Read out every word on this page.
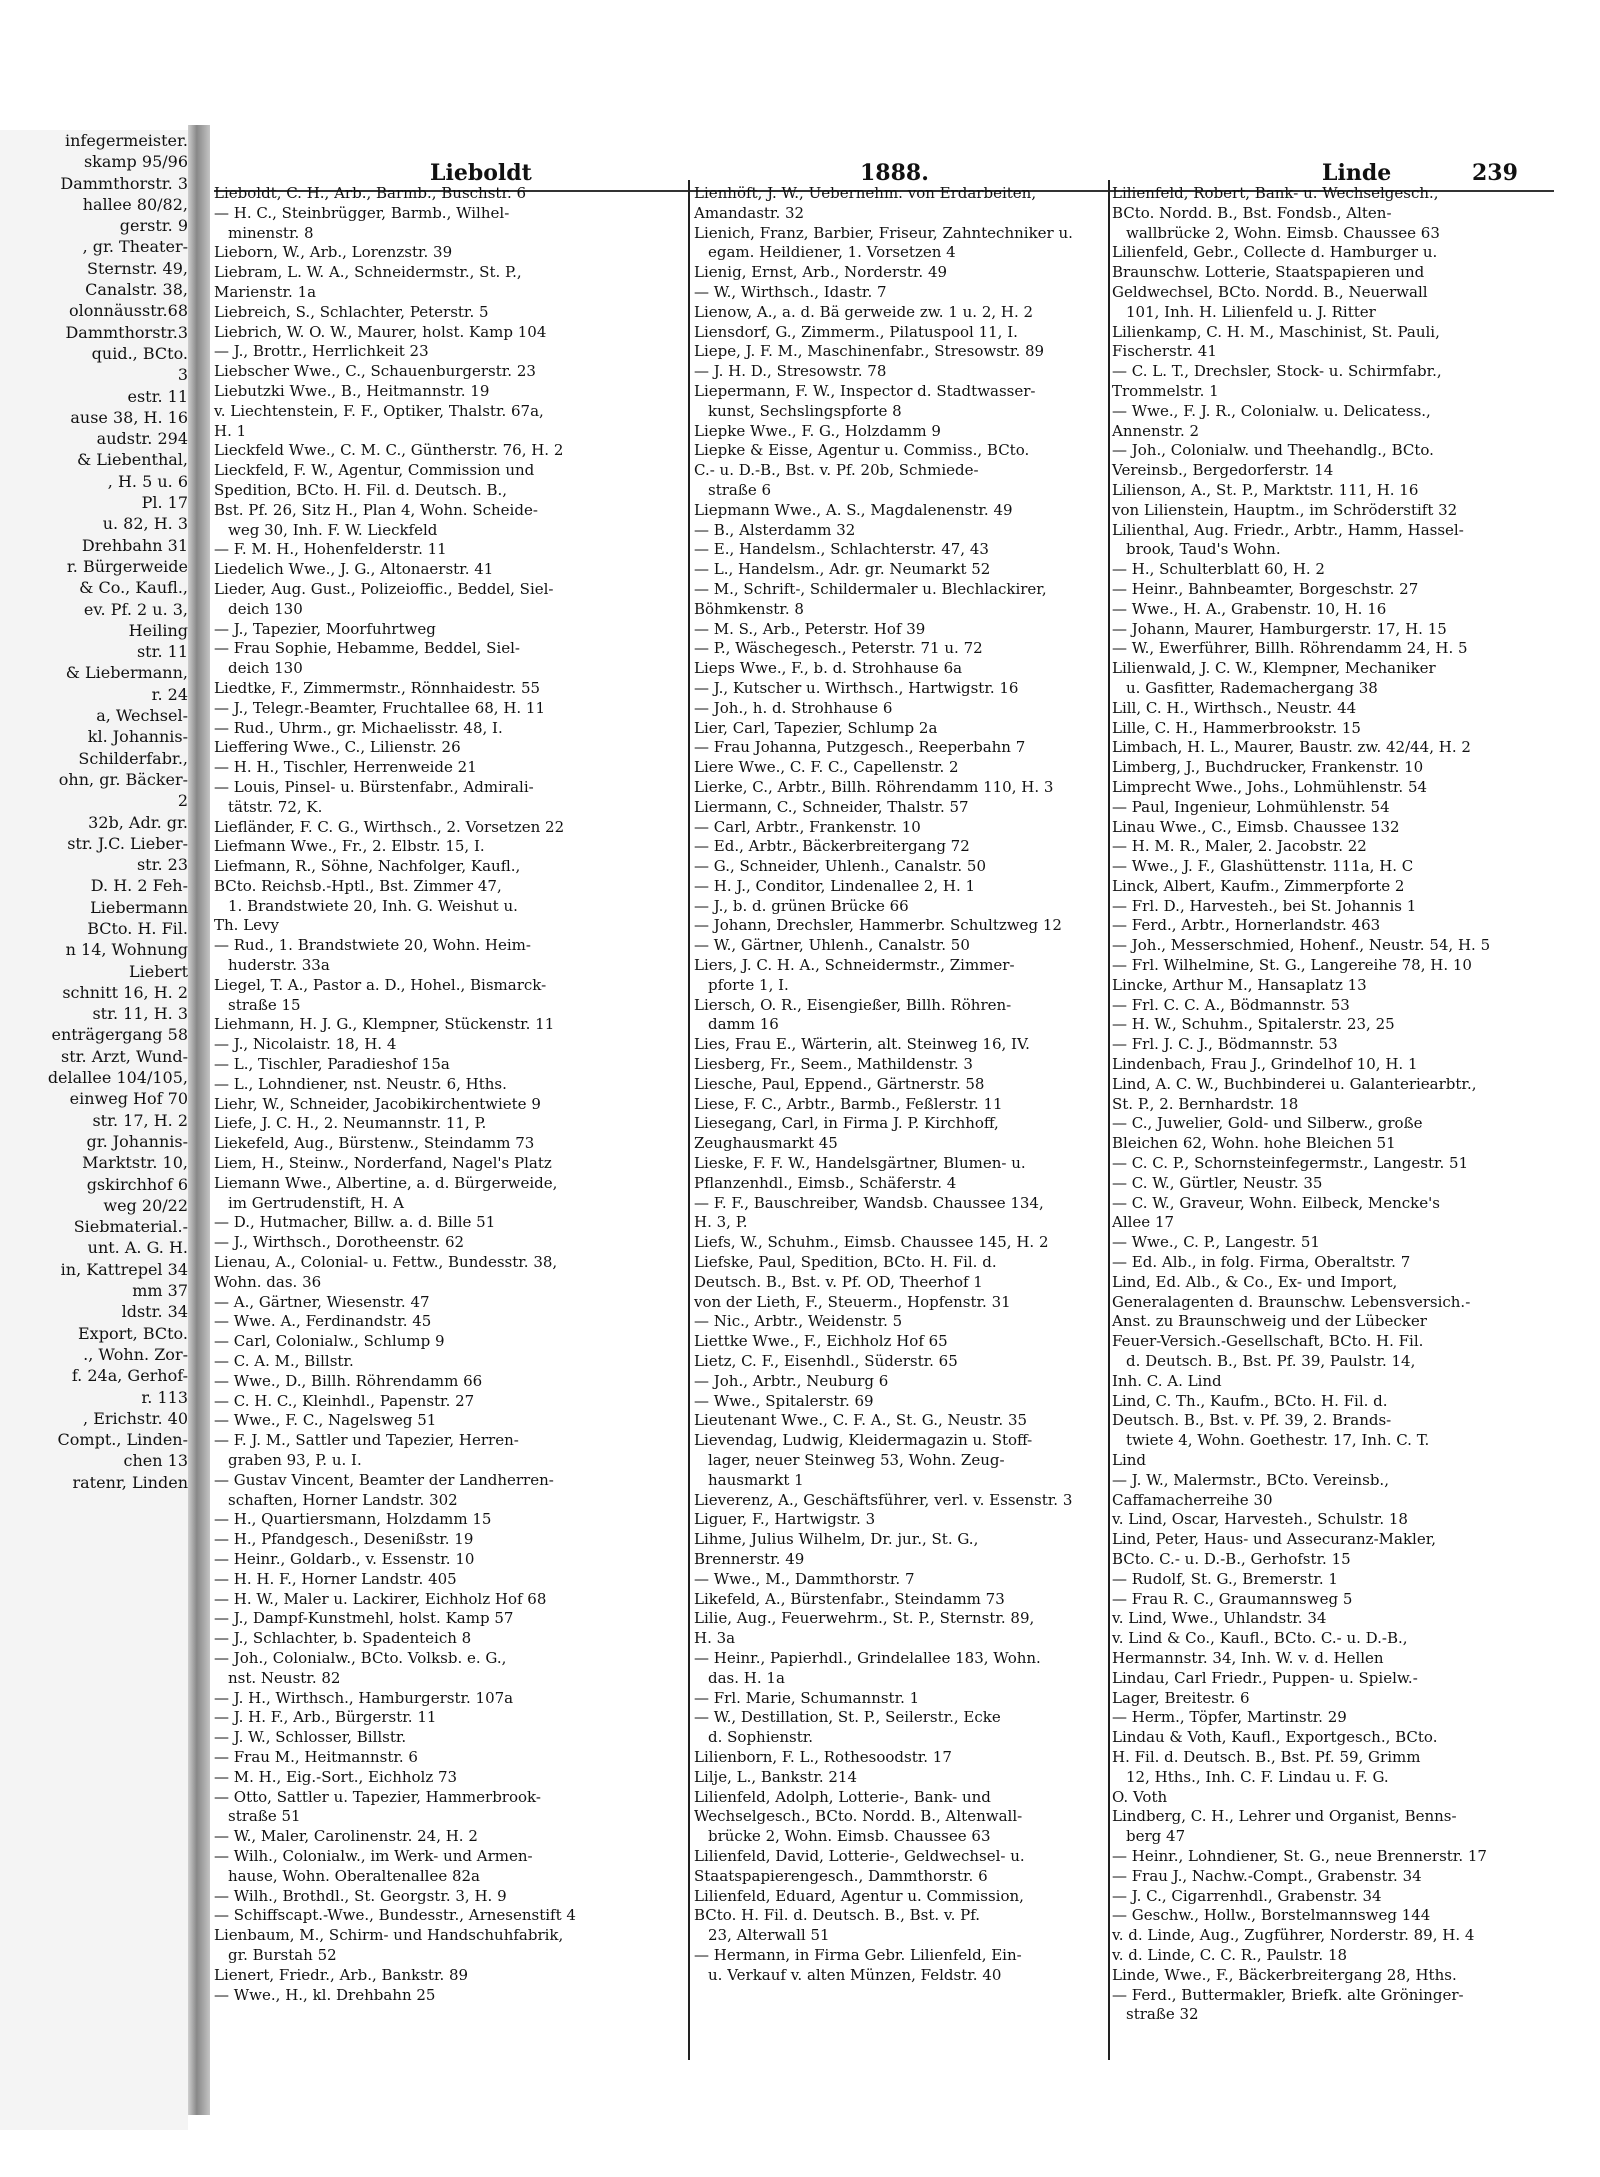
infegermeister.
skamp 95/96
Dammthorstr. 3
hallee 80/82,
gerstr. 9
, gr. Theater-
Sternstr. 49,
Canalstr. 38,
olonnäusstr.68
Dammthorstr.3
quid., BCto.
3
estr. 11
ause 38, H. 16
audstr. 294
& Liebenthal,
, H. 5 u. 6
Pl. 17
u. 82, H. 3
Drehbahn 31
r. Bürgerweide
& Co., Kaufl.,
ev. Pf. 2 u. 3,
Heiling
str. 11
& Liebermann,
r. 24
a, Wechsel-
kl. Johannis-
Schilderfabr.,
ohn, gr. Bäcker-
2
32b, Adr. gr.
str. J.C. Lieber-
str. 23
D. H. 2 Feh-
Liebermann
BCto. H. Fil.
n 14, Wohnung
Liebert
schnitt 16, H. 2
str. 11, H. 3
enträgergang 58
str. Arzt, Wund-
delallee 104/105,
einweg Hof 70
str. 17, H. 2
gr. Johannis-
Marktstr. 10,
gskirchhof 6
weg 20/22
Siebmaterial.-
unt. A. G. H.
in, Kattrepel 34
mm 37
ldstr. 34
Export, BCto.
., Wohn. Zor-
f. 24a, Gerhof-
r. 113
, Erichstr. 40
Compt., Linden-
chen 13
ratenr, Linden
Lieboldt	1888.	Linde	239
Lieboldt, C. H., Arb., Barmb., Buschstr. 6
— H. C., Steinbrügger, Barmb., Wilhel-
minenstr. 8
Lieborn, W., Arb., Lorenzstr. 39
Liebram, L. W. A., Schneidermstr., St. P.,
Marienstr. 1a
Liebreich, S., Schlachter, Peterstr. 5
Liebrich, W. O. W., Maurer, holst. Kamp 104
— J., Brottr., Herrlichkeit 23
Liebscher Wwe., C., Schauenburgerstr. 23
Liebutzki Wwe., B., Heitmannstr. 19
v. Liechtenstein, F. F., Optiker, Thalstr. 67a,
H. 1
Lieckfeld Wwe., C. M. C., Güntherstr. 76, H. 2
Lieckfeld, F. W., Agentur, Commission und
Spedition, BCto. H. Fil. d. Deutsch. B.,
Bst. Pf. 26, Sitz H., Plan 4, Wohn. Scheide-
weg 30, Inh. F. W. Lieckfeld
— F. M. H., Hohenfelderstr. 11
Liedelich Wwe., J. G., Altonaerstr. 41
Lieder, Aug. Gust., Polizeioffic., Beddel, Siel-
deich 130
— J., Tapezier, Moorfuhrtweg
— Frau Sophie, Hebamme, Beddel, Siel-
deich 130
Liedtke, F., Zimmermstr., Rönnhaidestr. 55
— J., Telegr.-Beamter, Fruchtallee 68, H. 11
— Rud., Uhrm., gr. Michaelisstr. 48, I.
Lieffering Wwe., C., Lilienstr. 26
— H. H., Tischler, Herrenweide 21
— Louis, Pinsel- u. Bürstenfabr., Admirali-
tätstr. 72, K.
Liefländer, F. C. G., Wirthsch., 2. Vorsetzen 22
Liefmann Wwe., Fr., 2. Elbstr. 15, I.
Liefmann, R., Söhne, Nachfolger, Kaufl.,
BCto. Reichsb.-Hptl., Bst. Zimmer 47,
1. Brandstwiete 20, Inh. G. Weishut u.
Th. Levy
— Rud., 1. Brandstwiete 20, Wohn. Heim-
huderstr. 33a
Liegel, T. A., Pastor a. D., Hohel., Bismarck-
straße 15
Liehmann, H. J. G., Klempner, Stückenstr. 11
— J., Nicolaistr. 18, H. 4
— L., Tischler, Paradieshof 15a
— L., Lohndiener, nst. Neustr. 6, Hths.
Liehr, W., Schneider, Jacobikirchentwiete 9
Liefe, J. C. H., 2. Neumannstr. 11, P.
Liekefeld, Aug., Bürstenw., Steindamm 73
Liem, H., Steinw., Norderfand, Nagel's Platz
Liemann Wwe., Albertine, a. d. Bürgerweide,
im Gertrudenstift, H. A
— D., Hutmacher, Billw. a. d. Bille 51
— J., Wirthsch., Dorotheenstr. 62
Lienau, A., Colonial- u. Fettw., Bundesstr. 38,
Wohn. das. 36
— A., Gärtner, Wiesenstr. 47
— Wwe. A., Ferdinandstr. 45
— Carl, Colonialw., Schlump 9
— C. A. M., Billstr.
— Wwe., D., Billh. Röhrendamm 66
— C. H. C., Kleinhdl., Papenstr. 27
— Wwe., F. C., Nagelsweg 51
— F. J. M., Sattler und Tapezier, Herren-
graben 93, P. u. I.
— Gustav Vincent, Beamter der Landherren-
schaften, Horner Landstr. 302
— H., Quartiersmann, Holzdamm 15
— H., Pfandgesch., Desenißstr. 19
— Heinr., Goldarb., v. Essenstr. 10
— H. H. F., Horner Landstr. 405
— H. W., Maler u. Lackirer, Eichholz Hof 68
— J., Dampf-Kunstmehl, holst. Kamp 57
— J., Schlachter, b. Spadenteich 8
— Joh., Colonialw., BCto. Volksb. e. G.,
nst. Neustr. 82
— J. H., Wirthsch., Hamburgerstr. 107a
— J. H. F., Arb., Bürgerstr. 11
— J. W., Schlosser, Billstr.
— Frau M., Heitmannstr. 6
— M. H., Eig.-Sort., Eichholz 73
— Otto, Sattler u. Tapezier, Hammerbrook-
straße 51
— W., Maler, Carolinenstr. 24, H. 2
— Wilh., Colonialw., im Werk- und Armen-
hause, Wohn. Oberaltenallee 82a
— Wilh., Brothdl., St. Georgstr. 3, H. 9
— Schiffscapt.-Wwe., Bundesstr., Arnesenstift 4
Lienbaum, M., Schirm- und Handschuhfabrik,
gr. Burstah 52
Lienert, Friedr., Arb., Bankstr. 89
— Wwe., H., kl. Drehbahn 25
Lienhöft, J. W., Uebernehm. von Erdarbeiten,
Amandastr. 32
Lienich, Franz, Barbier, Friseur, Zahntechniker u.
egam. Heildiener, 1. Vorsetzen 4
Lienig, Ernst, Arb., Norderstr. 49
— W., Wirthsch., Idastr. 7
Lienow, A., a. d. Bä gerweide zw. 1 u. 2, H. 2
Liensdorf, G., Zimmerm., Pilatuspool 11, I.
Liepe, J. F. M., Maschinenfabr., Stresowstr. 89
— J. H. D., Stresowstr. 78
Liepermann, F. W., Inspector d. Stadtwasser-
kunst, Sechslingspforte 8
Liepke Wwe., F. G., Holzdamm 9
Liepke & Eisse, Agentur u. Commiss., BCto.
C.- u. D.-B., Bst. v. Pf. 20b, Schmiede-
straße 6
Liepmann Wwe., A. S., Magdalenenstr. 49
— B., Alsterdamm 32
— E., Handelsm., Schlachterstr. 47, 43
— L., Handelsm., Adr. gr. Neumarkt 52
— M., Schrift-, Schildermaler u. Blechlackirer,
Böhmkenstr. 8
— M. S., Arb., Peterstr. Hof 39
— P., Wäschegesch., Peterstr. 71 u. 72
Lieps Wwe., F., b. d. Strohhause 6a
— J., Kutscher u. Wirthsch., Hartwigstr. 16
— Joh., h. d. Strohhause 6
Lier, Carl, Tapezier, Schlump 2a
— Frau Johanna, Putzgesch., Reeperbahn 7
Liere Wwe., C. F. C., Capellenstr. 2
Lierke, C., Arbtr., Billh. Röhrendamm 110, H. 3
Liermann, C., Schneider, Thalstr. 57
— Carl, Arbtr., Frankenstr. 10
— Ed., Arbtr., Bäckerbreitergang 72
— G., Schneider, Uhlenh., Canalstr. 50
— H. J., Conditor, Lindenallee 2, H. 1
— J., b. d. grünen Brücke 66
— Johann, Drechsler, Hammerbr. Schultzweg 12
— W., Gärtner, Uhlenh., Canalstr. 50
Liers, J. C. H. A., Schneidermstr., Zimmer-
pforte 1, I.
Liersch, O. R., Eisengießer, Billh. Röhren-
damm 16
Lies, Frau E., Wärterin, alt. Steinweg 16, IV.
Liesberg, Fr., Seem., Mathildenstr. 3
Liesche, Paul, Eppend., Gärtnerstr. 58
Liese, F. C., Arbtr., Barmb., Feßlerstr. 11
Liesegang, Carl, in Firma J. P. Kirchhoff,
Zeughausmarkt 45
Lieske, F. F. W., Handelsgärtner, Blumen- u.
Pflanzenhdl., Eimsb., Schäferstr. 4
— F. F., Bauschreiber, Wandsb. Chaussee 134,
H. 3, P.
Liefs, W., Schuhm., Eimsb. Chaussee 145, H. 2
Liefske, Paul, Spedition, BCto. H. Fil. d.
Deutsch. B., Bst. v. Pf. OD, Theerhof 1
von der Lieth, F., Steuerm., Hopfenstr. 31
— Nic., Arbtr., Weidenstr. 5
Liettke Wwe., F., Eichholz Hof 65
Lietz, C. F., Eisenhdl., Süderstr. 65
— Joh., Arbtr., Neuburg 6
— Wwe., Spitalerstr. 69
Lieutenant Wwe., C. F. A., St. G., Neustr. 35
Lievendag, Ludwig, Kleidermagazin u. Stoff-
lager, neuer Steinweg 53, Wohn. Zeug-
hausmarkt 1
Lieverenz, A., Geschäftsführer, verl. v. Essenstr. 3
Liguer, F., Hartwigstr. 3
Lihme, Julius Wilhelm, Dr. jur., St. G.,
Brennerstr. 49
— Wwe., M., Dammthorstr. 7
Likefeld, A., Bürstenfabr., Steindamm 73
Lilie, Aug., Feuerwehrm., St. P., Sternstr. 89,
H. 3a
— Heinr., Papierhdl., Grindelallee 183, Wohn.
das. H. 1a
— Frl. Marie, Schumannstr. 1
— W., Destillation, St. P., Seilerstr., Ecke
d. Sophienstr.
Lilienborn, F. L., Rothesoodstr. 17
Lilje, L., Bankstr. 214
Lilienfeld, Adolph, Lotterie-, Bank- und
Wechselgesch., BCto. Nordd. B., Altenwall-
brücke 2, Wohn. Eimsb. Chaussee 63
Lilienfeld, David, Lotterie-, Geldwechsel- u.
Staatspapierengesch., Dammthorstr. 6
Lilienfeld, Eduard, Agentur u. Commission,
BCto. H. Fil. d. Deutsch. B., Bst. v. Pf.
23, Alterwall 51
— Hermann, in Firma Gebr. Lilienfeld, Ein-
u. Verkauf v. alten Münzen, Feldstr. 40
Lilienfeld, Robert, Bank- u. Wechselgesch.,
BCto. Nordd. B., Bst. Fondsb., Alten-
wallbrücke 2, Wohn. Eimsb. Chaussee 63
Lilienfeld, Gebr., Collecte d. Hamburger u.
Braunschw. Lotterie, Staatspapieren und
Geldwechsel, BCto. Nordd. B., Neuerwall
101, Inh. H. Lilienfeld u. J. Ritter
Lilienkamp, C. H. M., Maschinist, St. Pauli,
Fischerstr. 41
— C. L. T., Drechsler, Stock- u. Schirmfabr.,
Trommelstr. 1
— Wwe., F. J. R., Colonialw. u. Delicatess.,
Annenstr. 2
— Joh., Colonialw. und Theehandlg., BCto.
Vereinsb., Bergedorferstr. 14
Lilienson, A., St. P., Marktstr. 111, H. 16
von Lilienstein, Hauptm., im Schröderstift 32
Lilienthal, Aug. Friedr., Arbtr., Hamm, Hassel-
brook, Taud's Wohn.
— H., Schulterblatt 60, H. 2
— Heinr., Bahnbeamter, Borgeschstr. 27
— Wwe., H. A., Grabenstr. 10, H. 16
— Johann, Maurer, Hamburgerstr. 17, H. 15
— W., Ewerführer, Billh. Röhrendamm 24, H. 5
Lilienwald, J. C. W., Klempner, Mechaniker
u. Gasfitter, Rademachergang 38
Lill, C. H., Wirthsch., Neustr. 44
Lille, C. H., Hammerbrookstr. 15
Limbach, H. L., Maurer, Baustr. zw. 42/44, H. 2
Limberg, J., Buchdrucker, Frankenstr. 10
Limprecht Wwe., Johs., Lohmühlenstr. 54
— Paul, Ingenieur, Lohmühlenstr. 54
Linau Wwe., C., Eimsb. Chaussee 132
— H. M. R., Maler, 2. Jacobstr. 22
— Wwe., J. F., Glashüttenstr. 111a, H. C
Linck, Albert, Kaufm., Zimmerpforte 2
— Frl. D., Harvesteh., bei St. Johannis 1
— Ferd., Arbtr., Hornerlandstr. 463
— Joh., Messerschmied, Hohenf., Neustr. 54, H. 5
— Frl. Wilhelmine, St. G., Langereihe 78, H. 10
Lincke, Arthur M., Hansaplatz 13
— Frl. C. C. A., Bödmannstr. 53
— H. W., Schuhm., Spitalerstr. 23, 25
— Frl. J. C. J., Bödmannstr. 53
Lindenbach, Frau J., Grindelhof 10, H. 1
Lind, A. C. W., Buchbinderei u. Galanteriearbtr.,
St. P., 2. Bernhardstr. 18
— C., Juwelier, Gold- und Silberw., große
Bleichen 62, Wohn. hohe Bleichen 51
— C. C. P., Schornsteinfegermstr., Langestr. 51
— C. W., Gürtler, Neustr. 35
— C. W., Graveur, Wohn. Eilbeck, Mencke's
Allee 17
— Wwe., C. P., Langestr. 51
— Ed. Alb., in folg. Firma, Oberaltstr. 7
Lind, Ed. Alb., & Co., Ex- und Import,
Generalagenten d. Braunschw. Lebensversich.-
Anst. zu Braunschweig und der Lübecker
Feuer-Versich.-Gesellschaft, BCto. H. Fil.
d. Deutsch. B., Bst. Pf. 39, Paulstr. 14,
Inh. C. A. Lind
Lind, C. Th., Kaufm., BCto. H. Fil. d.
Deutsch. B., Bst. v. Pf. 39, 2. Brands-
twiete 4, Wohn. Goethestr. 17, Inh. C. T.
Lind
— J. W., Malermstr., BCto. Vereinsb.,
Caffamacherreihe 30
v. Lind, Oscar, Harvesteh., Schulstr. 18
Lind, Peter, Haus- und Assecuranz-Makler,
BCto. C.- u. D.-B., Gerhofstr. 15
— Rudolf, St. G., Bremerstr. 1
— Frau R. C., Graumannsweg 5
v. Lind, Wwe., Uhlandstr. 34
v. Lind & Co., Kaufl., BCto. C.- u. D.-B.,
Hermannstr. 34, Inh. W. v. d. Hellen
Lindau, Carl Friedr., Puppen- u. Spielw.-
Lager, Breitestr. 6
— Herm., Töpfer, Martinstr. 29
Lindau & Voth, Kaufl., Exportgesch., BCto.
H. Fil. d. Deutsch. B., Bst. Pf. 59, Grimm
12, Hths., Inh. C. F. Lindau u. F. G.
O. Voth
Lindberg, C. H., Lehrer und Organist, Benns-
berg 47
— Heinr., Lohndiener, St. G., neue Brennerstr. 17
— Frau J., Nachw.-Compt., Grabenstr. 34
— J. C., Cigarrenhdl., Grabenstr. 34
— Geschw., Hollw., Borstelmannsweg 144
v. d. Linde, Aug., Zugführer, Norderstr. 89, H. 4
v. d. Linde, C. C. R., Paulstr. 18
Linde, Wwe., F., Bäckerbreitergang 28, Hths.
— Ferd., Buttermakler, Briefk. alte Gröninger-
straße 32
